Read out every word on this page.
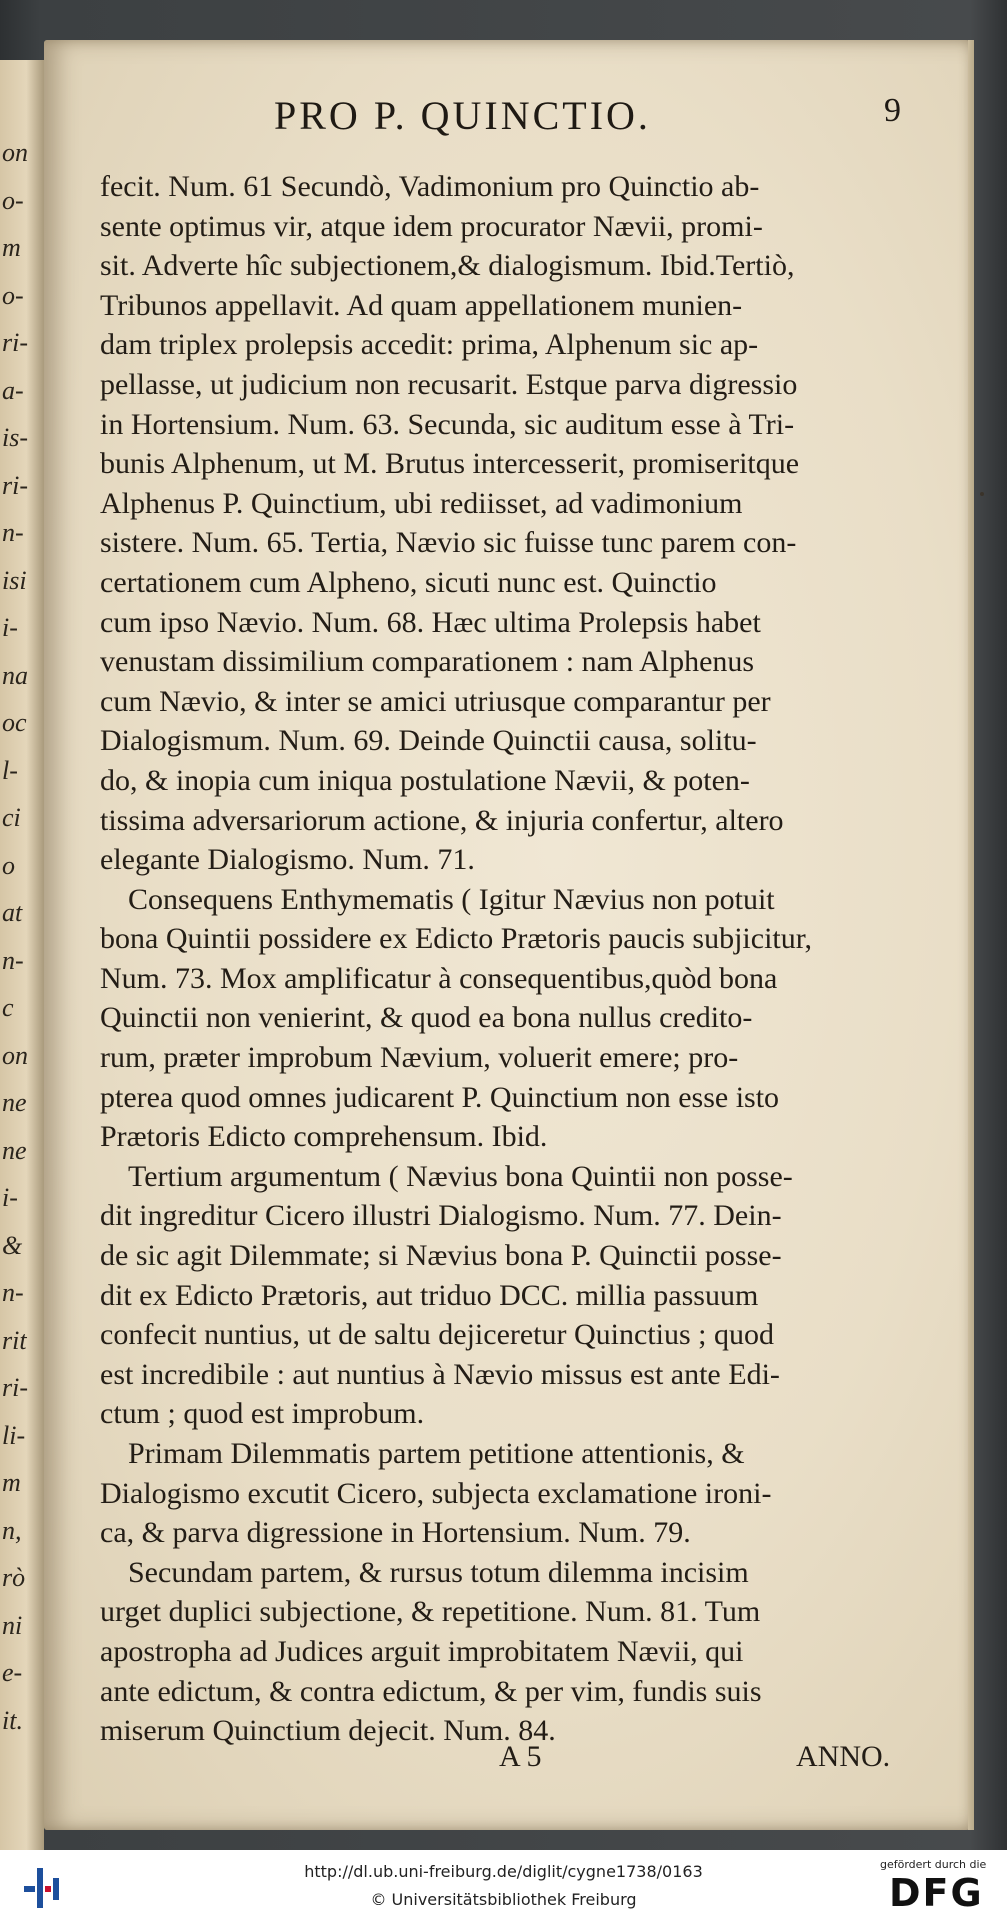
on
o-
m
o-
ri-
a-
is-
ri-
n-
isi
i-
na
oc
l-
ci
o
at
n-
c
on
ne
ne
i-
&
n-
rit
ri-
li-
m
n,
rò
ni
e-
it.
PRO P. QUINCTIO.	9
fecit. Num. 61 Secundò, Vadimonium pro Quinctio ab-
sente optimus vir, atque idem procurator Nævii, promi-
sit. Adverte hîc subjectionem,& dialogismum. Ibid.Tertiò,
Tribunos appellavit. Ad quam appellationem munien-
dam triplex prolepsis accedit: prima, Alphenum sic ap-
pellasse, ut judicium non recusarit. Estque parva digressio
in Hortensium. Num. 63. Secunda, sic auditum esse à Tri-
bunis Alphenum, ut M. Brutus intercesserit, promiseritque
Alphenus P. Quinctium, ubi rediisset, ad vadimonium
sistere. Num. 65. Tertia, Nævio sic fuisse tunc parem con-
certationem cum Alpheno, sicuti nunc est. Quinctio
cum ipso Nævio. Num. 68. Hæc ultima Prolepsis habet
venustam dissimilium comparationem : nam Alphenus
cum Nævio, & inter se amici utriusque comparantur per
Dialogismum. Num. 69. Deinde Quinctii causa, solitu-
do, & inopia cum iniqua postulatione Nævii, & poten-
tissima adversariorum actione, & injuria confertur, altero
elegante Dialogismo. Num. 71.
Consequens Enthymematis ( Igitur Nævius non potuit
bona Quintii possidere ex Edicto Prætoris paucis subjicitur,
Num. 73. Mox amplificatur à consequentibus,quòd bona
Quinctii non venierint, & quod ea bona nullus credito-
rum, præter improbum Nævium, voluerit emere; pro-
pterea quod omnes judicarent P. Quinctium non esse isto
Prætoris Edicto comprehensum. Ibid.
Tertium argumentum ( Nævius bona Quintii non posse-
dit ingreditur Cicero illustri Dialogismo. Num. 77. Dein-
de sic agit Dilemmate; si Nævius bona P. Quinctii posse-
dit ex Edicto Prætoris, aut triduo DCC. millia passuum
confecit nuntius, ut de saltu dejiceretur Quinctius ; quod
est incredibile : aut nuntius à Nævio missus est ante Edi-
ctum ; quod est improbum.
Primam Dilemmatis partem petitione attentionis, &
Dialogismo excutit Cicero, subjecta exclamatione ironi-
ca, & parva digressione in Hortensium. Num. 79.
Secundam partem, & rursus totum dilemma incisim
urget duplici subjectione, & repetitione. Num. 81. Tum
apostropha ad Judices arguit improbitatem Nævii, qui
ante edictum, & contra edictum, & per vim, fundis suis
miserum Quinctium dejecit. Num. 84.
A 5	ANNO.
http://dl.ub.uni-freiburg.de/diglit/cygne1738/0163
© Universitätsbibliothek Freiburg
gefördert durch die
DFG
